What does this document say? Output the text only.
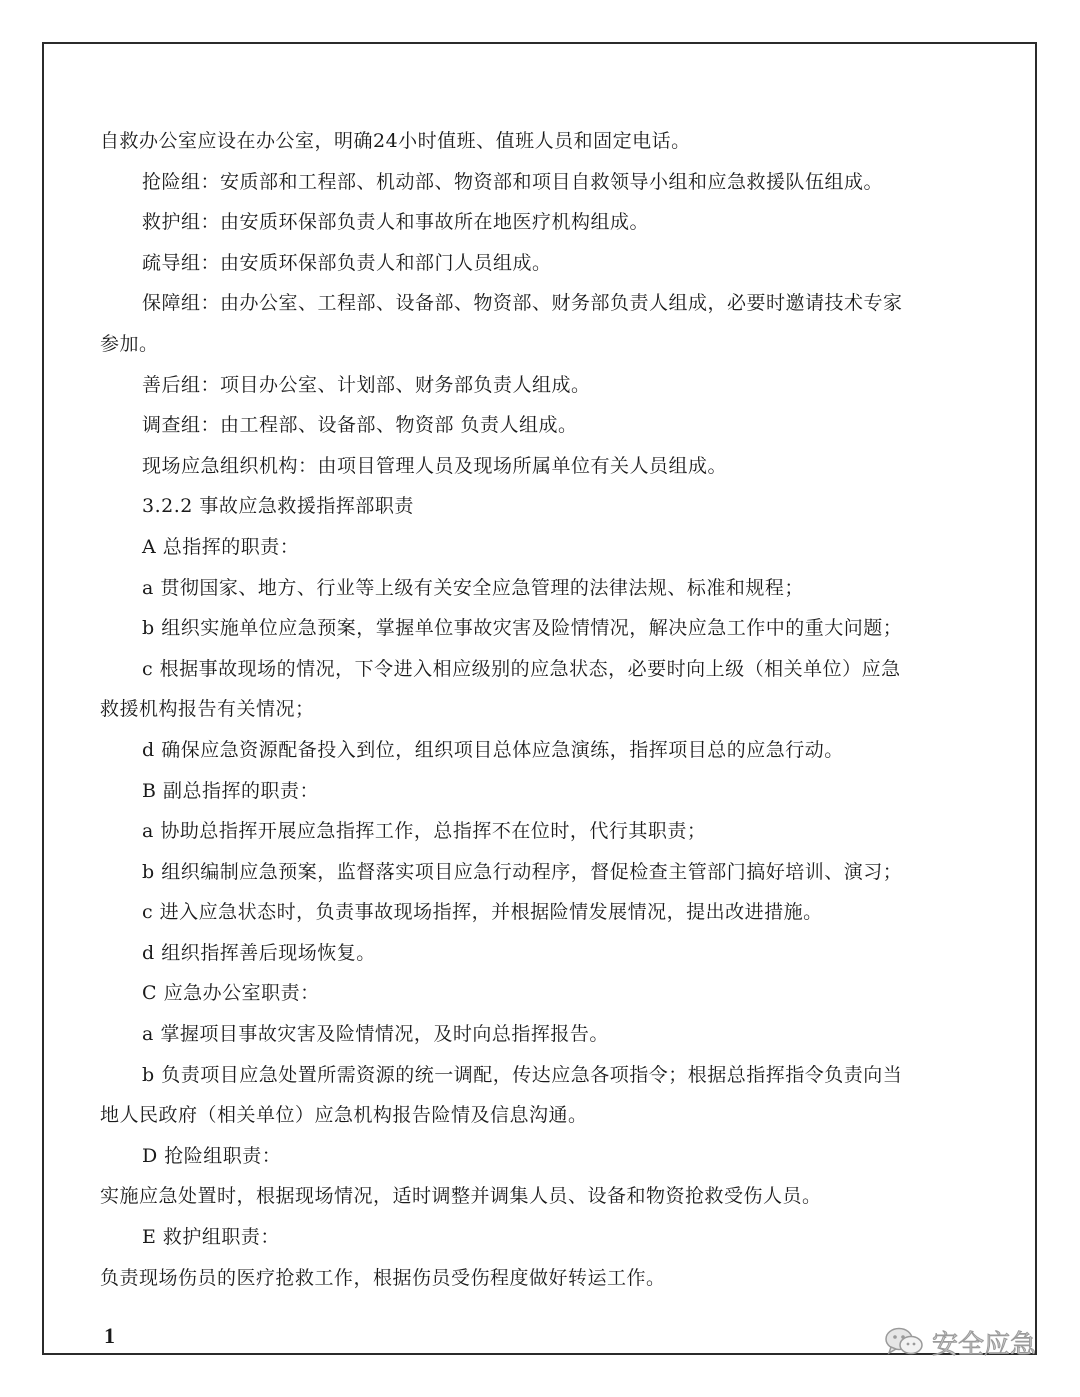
自救办公室应设在办公室，明确24小时值班、值班人员和固定电话。
抢险组：安质部和工程部、机动部、物资部和项目自救领导小组和应急救援队伍组成。
救护组：由安质环保部负责人和事故所在地医疗机构组成。
疏导组：由安质环保部负责人和部门人员组成。
保障组：由办公室、工程部、设备部、物资部、财务部负责人组成，必要时邀请技术专家
参加。
善后组：项目办公室、计划部、财务部负责人组成。
调查组：由工程部、设备部、物资部 负责人组成。
现场应急组织机构：由项目管理人员及现场所属单位有关人员组成。
3.2.2 事故应急救援指挥部职责
A 总指挥的职责：
a 贯彻国家、地方、行业等上级有关安全应急管理的法律法规、标准和规程；
b 组织实施单位应急预案，掌握单位事故灾害及险情情况，解决应急工作中的重大问题；
c 根据事故现场的情况，下令进入相应级别的应急状态，必要时向上级（相关单位）应急
救援机构报告有关情况；
d 确保应急资源配备投入到位，组织项目总体应急演练，指挥项目总的应急行动。
B 副总指挥的职责：
a 协助总指挥开展应急指挥工作，总指挥不在位时，代行其职责；
b 组织编制应急预案，监督落实项目应急行动程序，督促检查主管部门搞好培训、演习；
c 进入应急状态时，负责事故现场指挥，并根据险情发展情况，提出改进措施。
d 组织指挥善后现场恢复。
C 应急办公室职责：
a 掌握项目事故灾害及险情情况，及时向总指挥报告。
b 负责项目应急处置所需资源的统一调配，传达应急各项指令；根据总指挥指令负责向当
地人民政府（相关单位）应急机构报告险情及信息沟通。
D 抢险组职责：
实施应急处置时，根据现场情况，适时调整并调集人员、设备和物资抢救受伤人员。
E 救护组职责：
负责现场伤员的医疗抢救工作，根据伤员受伤程度做好转运工作。
1	安全应急
